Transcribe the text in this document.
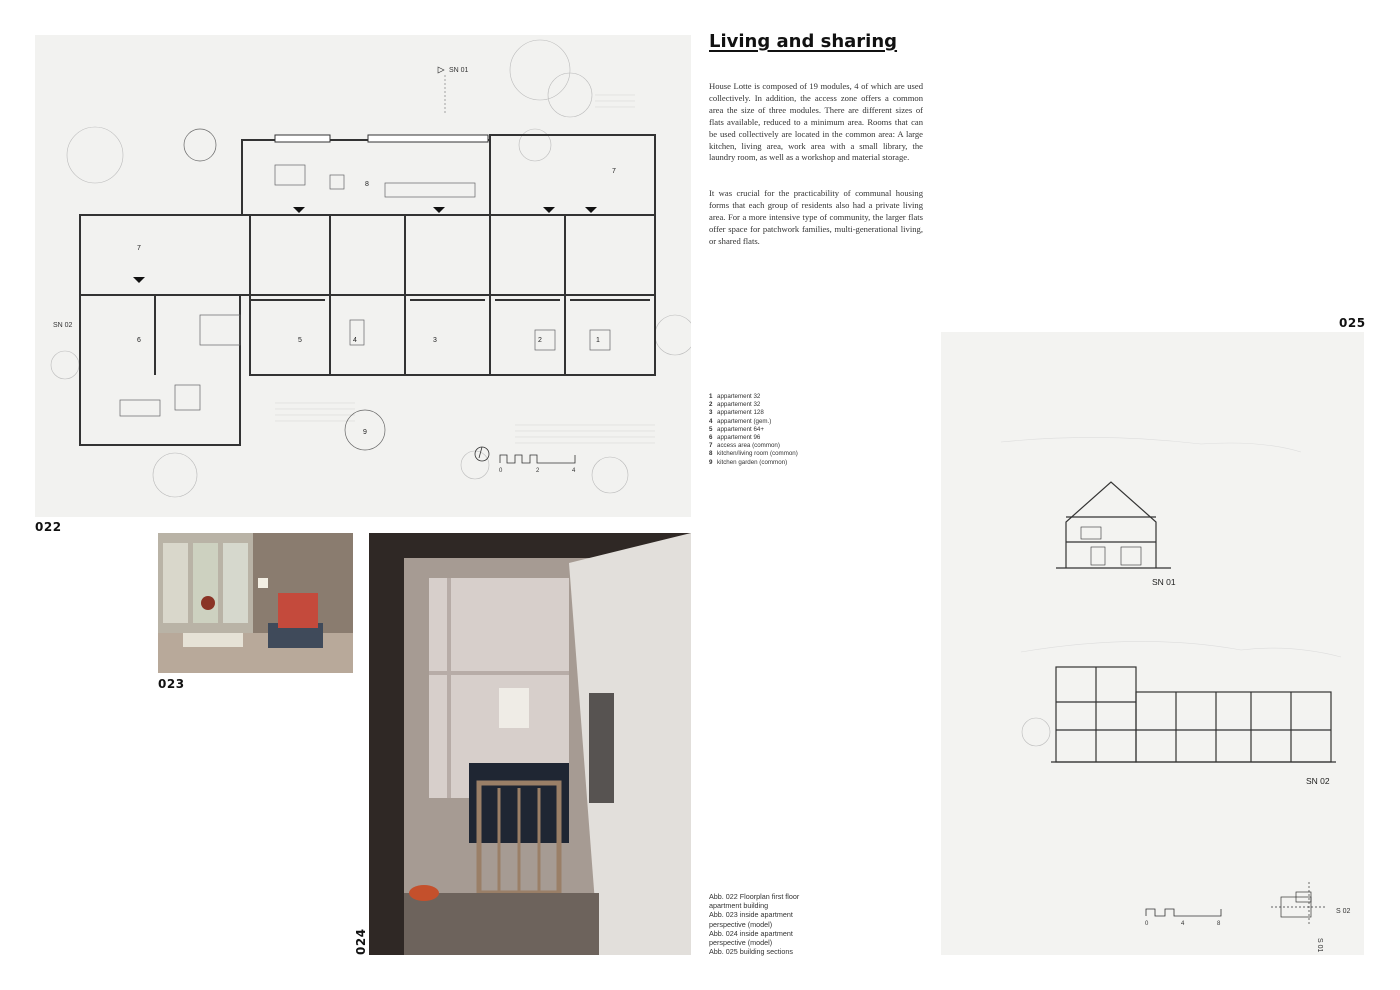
1
2
3
4
5
6
7
7
8
9
SN 01
SN 02
0	2	4
022
023
024
Living and sharing

House Lotte is composed of 19 modules, 4 of which are used collectively. In addition, the access zone offers a common area the size of three modules. There are different sizes of flats available, reduced to a minimum area. Rooms that can be used collectively are located in the common area: A large kitchen, living area, work area with a small library, the laundry room, as well as a workshop and material storage.

It was crucial for the practicability of communal housing forms that each group of residents also had a private living area. For a more intensive type of community, the larger flats offer space for patchwork families, multi-generational living, or shared flats.

1 appartement 32
2 appartement 32
3 appartement 128
4 appartement (gem.)
5 appartement 64+
6 appartement 96
7 access area (common)
8 kitchen/living room (common)
9 kitchen garden (common)
Abb. 022 Floorplan first floor apartment building
Abb. 023 inside apartment perspective (model)
Abb. 024 inside apartment perspective (model)
Abb. 025 building sections
025
SN 01
SN 02
0	4	8
S 02
S 01
